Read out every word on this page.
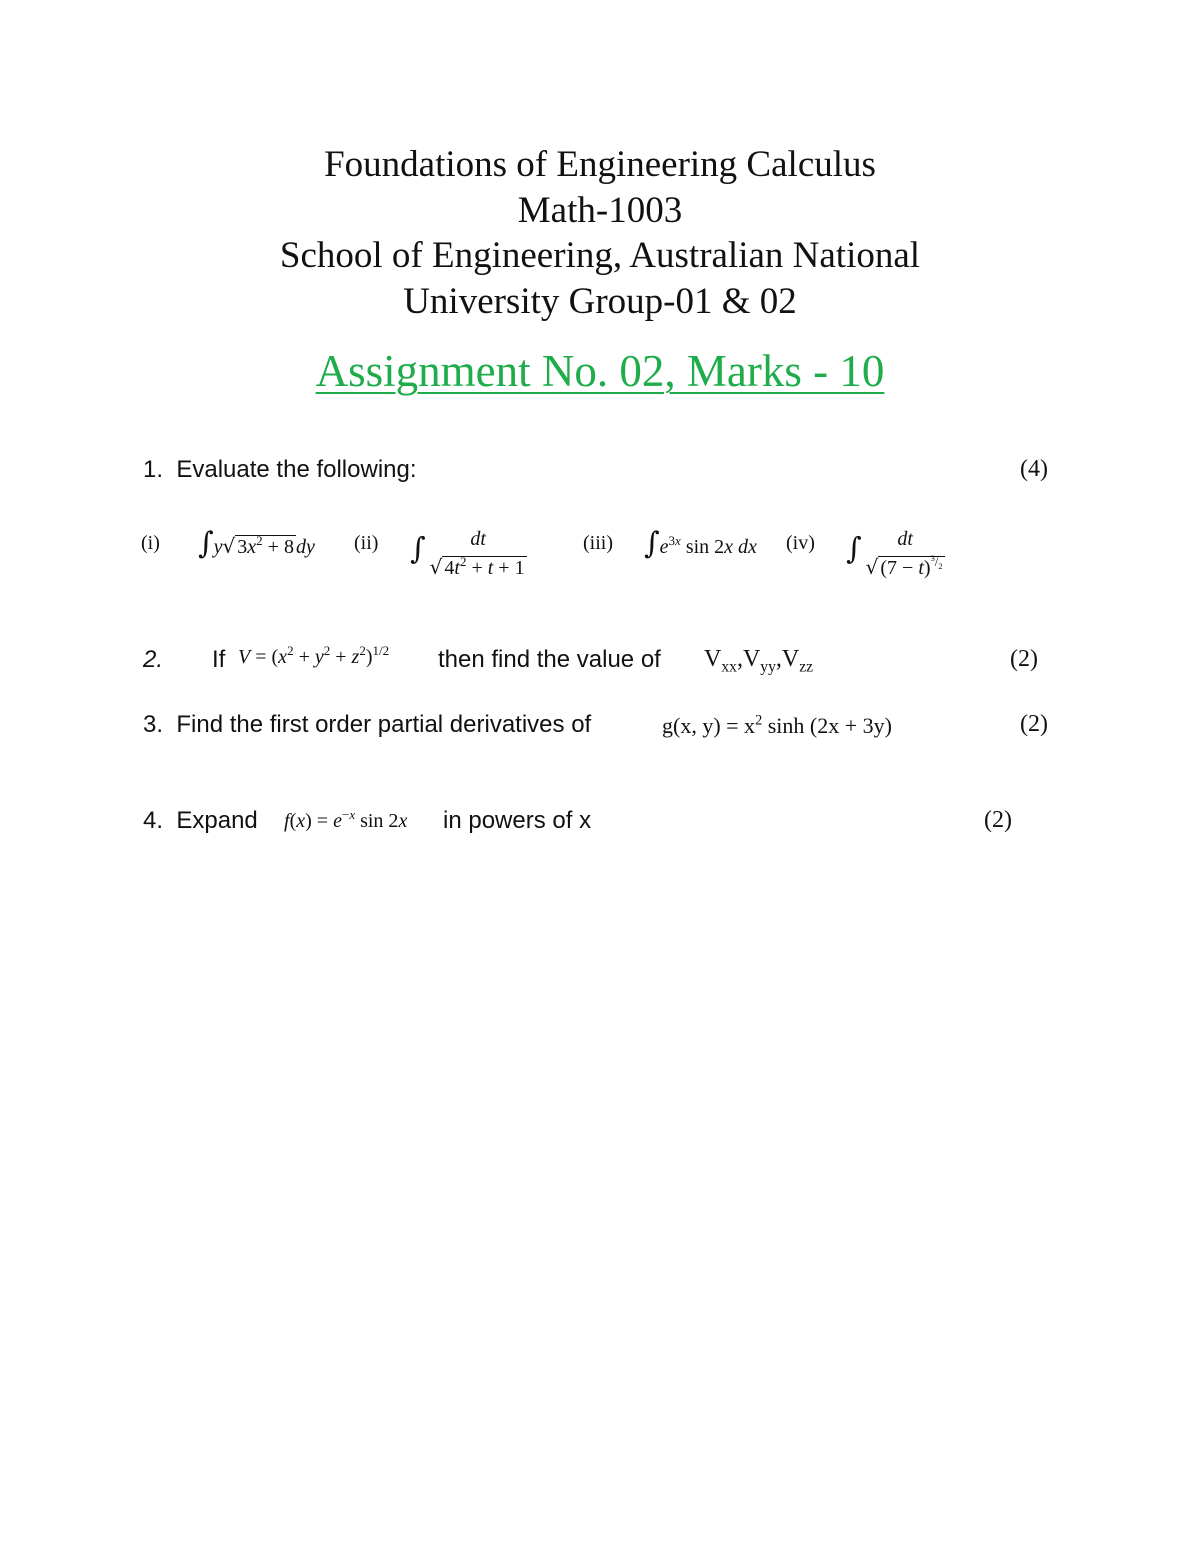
Foundations of Engineering Calculus
Math-1003
School of Engineering, Australian National
University Group-01 & 02
Assignment No. 02, Marks - 10
1. Evaluate the following:	(4)
(i) ∫y√ $3x^2 + 8$ dy (ii) ∫ dt
√ $4t^2 + t + 1$
(iii) $\int e^{3x}$ sin 2x dx (iv) ∫ dt
√ $(7 - t)^{^3/_2}$
2. If $V = (x^2 + y^2 + z^2)^{1/2}$ then find the value of $V_{xx},V_{yy},V_{zz}$	(2)
3. Find the first order partial derivatives of	g(x, $y) = x^2$ sinh (2x + 3y)	(2)
4. Expand $f(x) = e^{-x}$ sin 2x in powers of x	(2)
